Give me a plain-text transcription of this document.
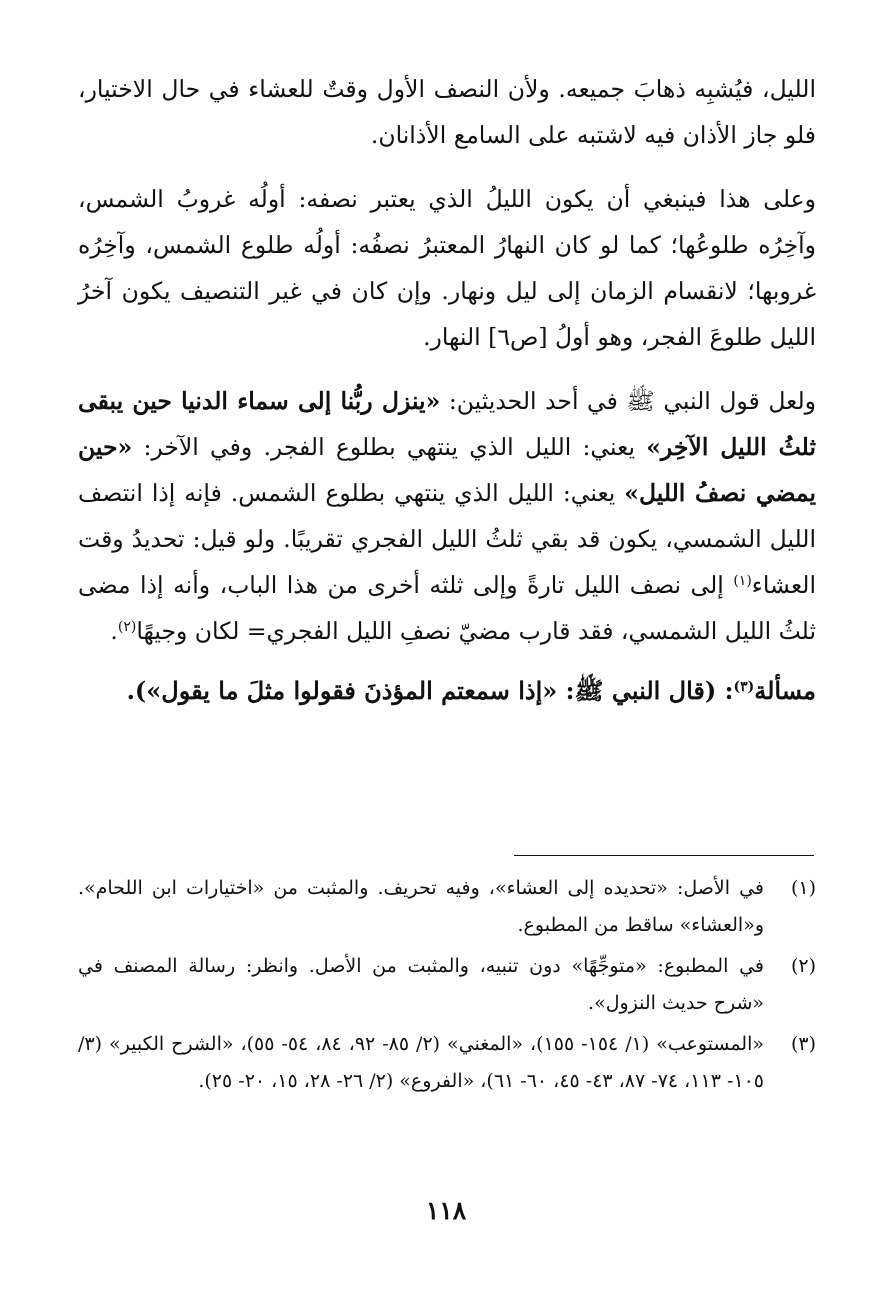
الليل، فيُشبِه ذهابَ جميعه. ولأن النصف الأول وقتٌ للعشاء في حال الاختيار، فلو جاز الأذان فيه لاشتبه على السامع الأذانان.

وعلى هذا فينبغي أن يكون الليلُ الذي يعتبر نصفه: أولُه غروبُ الشمس، وآخِرُه طلوعُها؛ كما لو كان النهارُ المعتبرُ نصفُه: أولُه طلوع الشمس، وآخِرُه غروبها؛ لانقسام الزمان إلى ليل ونهار. وإن كان في غير التنصيف يكون آخرُ الليل طلوعَ الفجر، وهو أولُ [ص٦] النهار.

ولعل قول النبي ﷺ في أحد الحديثين: «ينزل ربُّنا إلى سماء الدنيا حين يبقى ثلثُ الليل الآخِر» يعني: الليل الذي ينتهي بطلوع الفجر. وفي الآخر: «حين يمضي نصفُ الليل» يعني: الليل الذي ينتهي بطلوع الشمس. فإنه إذا انتصف الليل الشمسي، يكون قد بقي ثلثُ الليل الفجري تقريبًا. ولو قيل: تحديدُ وقت العشاء$^{(١)}$ إلى نصف الليل تارةً وإلى ثلثه أخرى من هذا الباب، وأنه إذا مضى ثلثُ الليل الشمسي، فقد قارب مضيّ نصفِ الليل الفجري= لكان وجيهًا$^{(٢)}$.

مسألة$^{(٣)}$: (قال النبي ﷺ: «إذا سمعتم المؤذنَ فقولوا مثلَ ما يقول»).

(١)
في الأصل: «تحديده إلى العشاء»، وفيه تحريف. والمثبت من «اختيارات ابن اللحام». و«العشاء» ساقط من المطبوع.
(٢)
في المطبوع: «متوجِّهًا» دون تنبيه، والمثبت من الأصل. وانظر: رسالة المصنف في «شرح حديث النزول».
(٣)
«المستوعب» (١/ ١٥٤- ١٥٥)، «المغني» (٢/ ٨٥- ٩٢، ٨٤، ٥٤- ٥٥)، «الشرح الكبير» (٣/ ١٠٥- ١١٣، ٧٤- ٨٧، ٤٣- ٤٥، ٦٠- ٦١)، «الفروع» (٢/ ٢٦- ٢٨، ١٥، ٢٠- ٢٥).
١١٨
